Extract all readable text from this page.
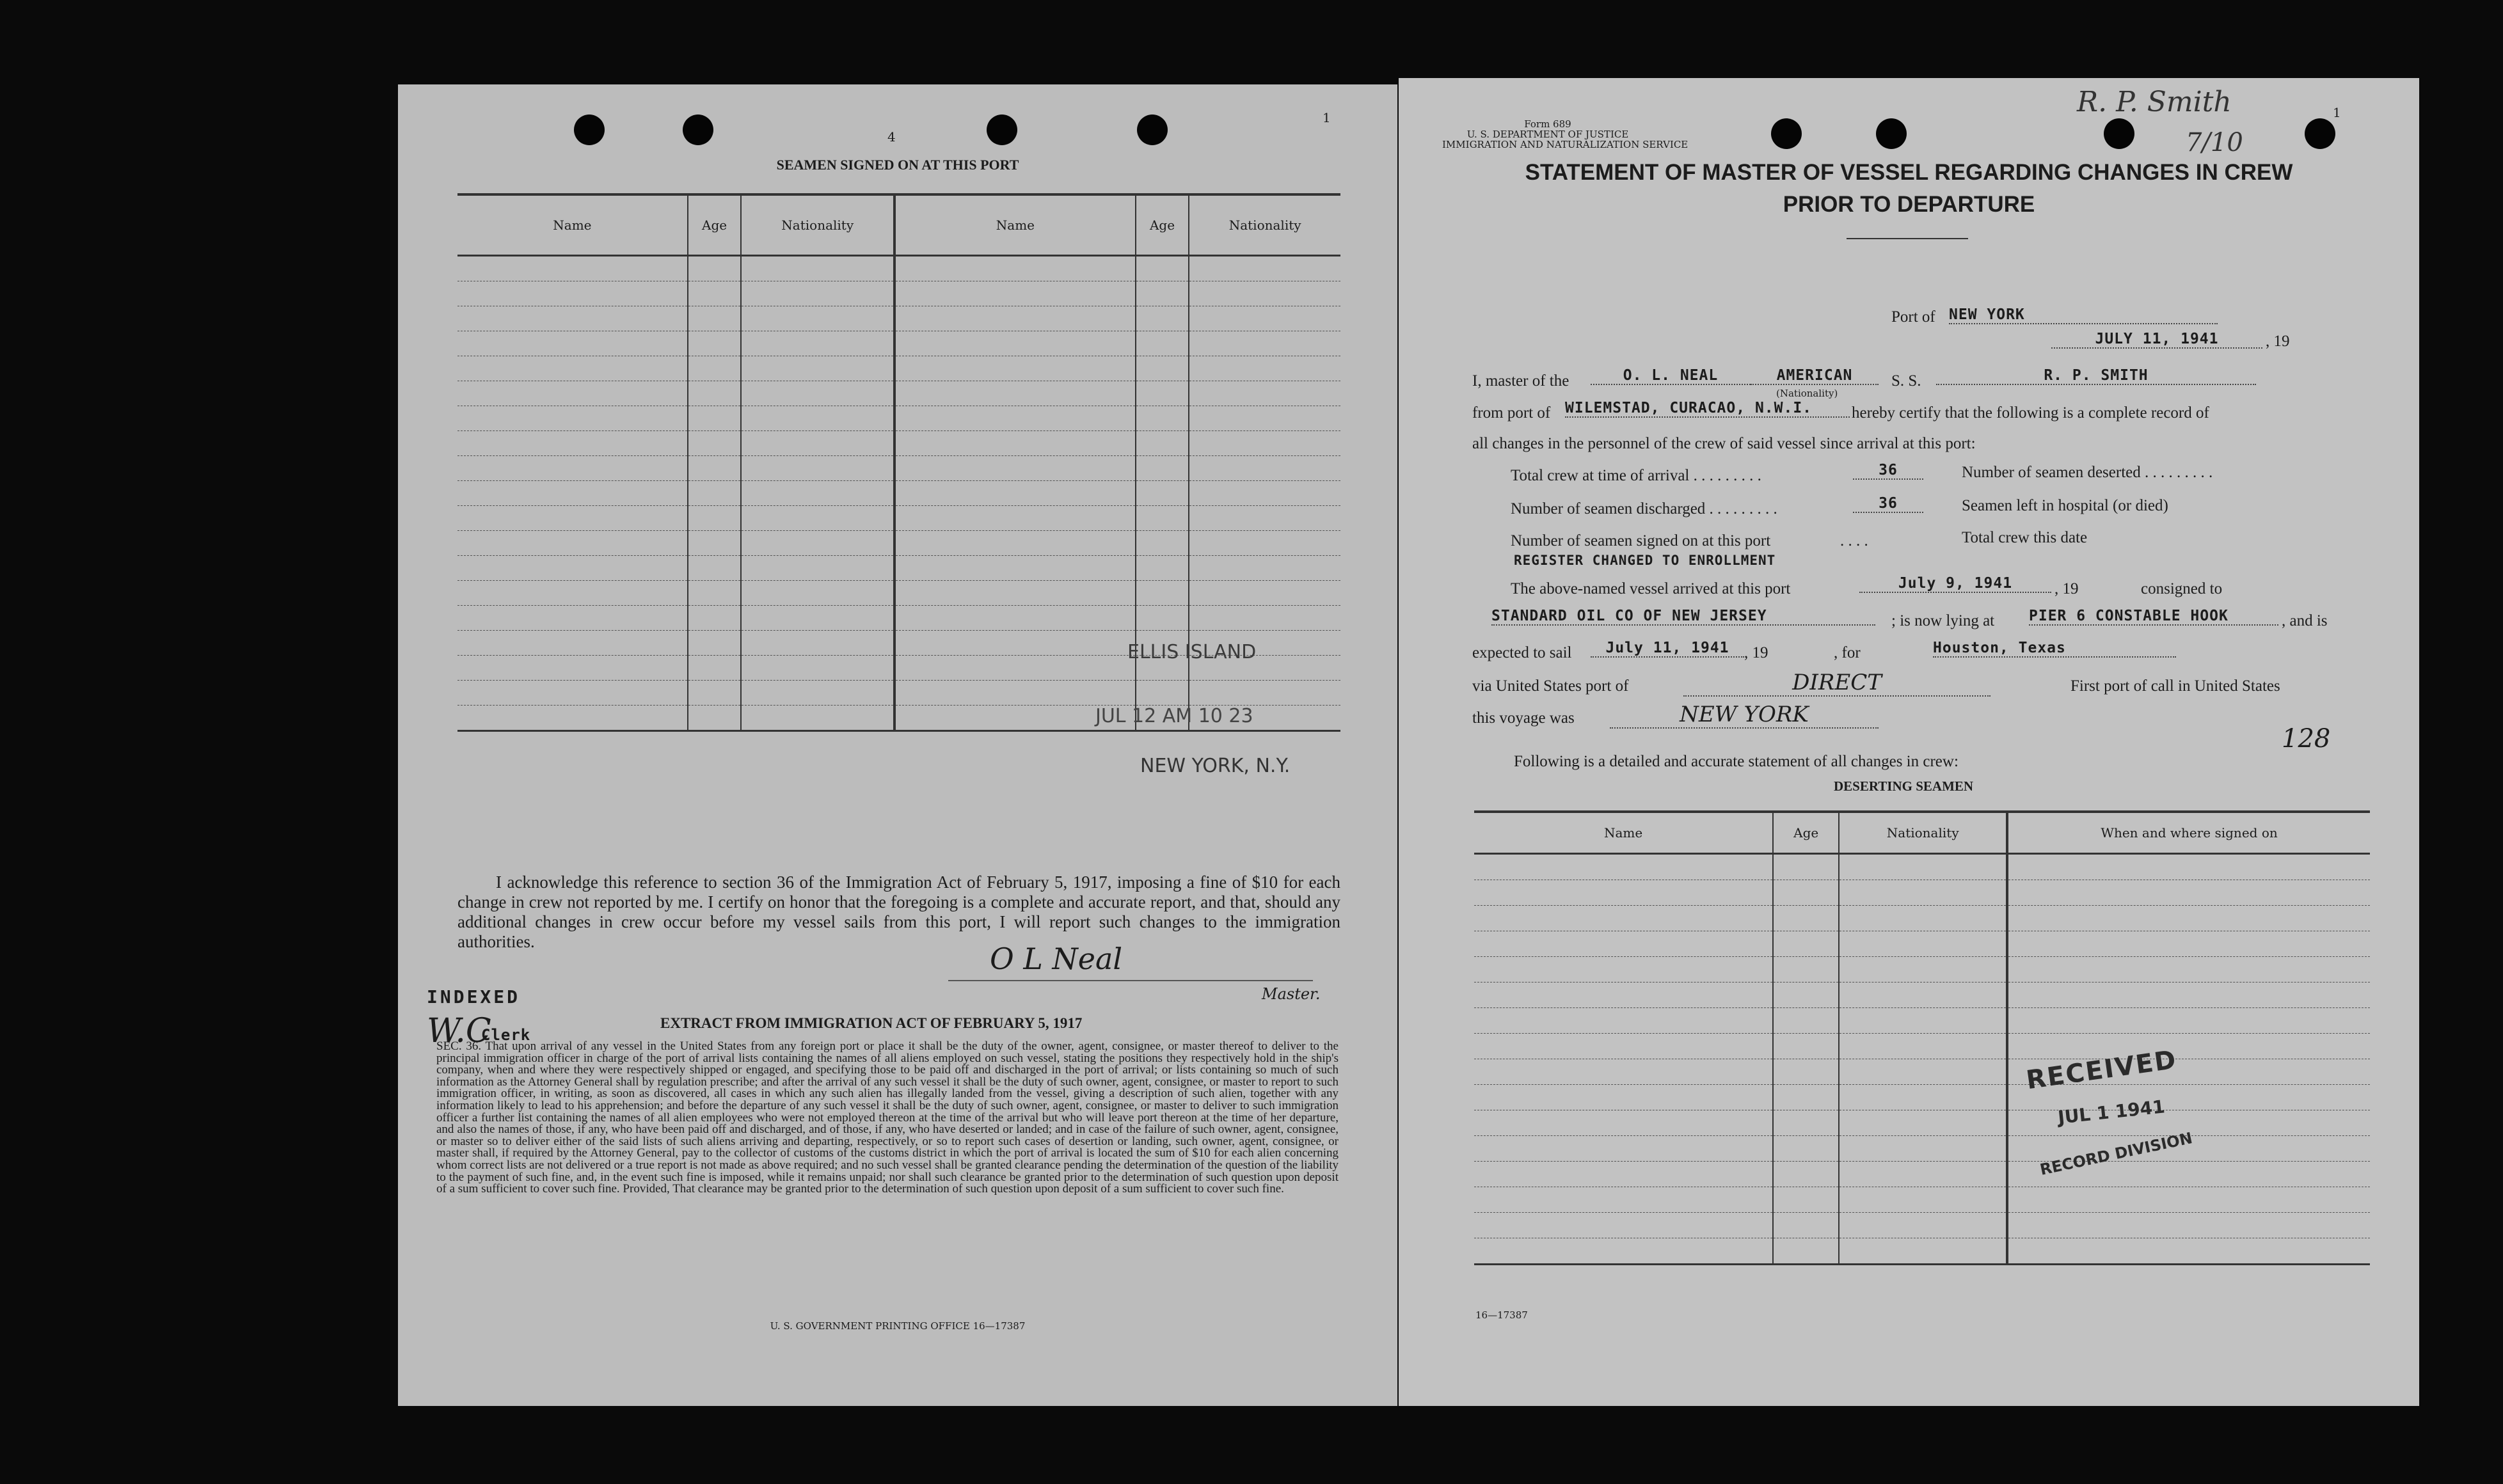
4
1
SEAMEN SIGNED ON AT THIS PORT
Name	Age	Nationality	Name	Age	Nationality

ELLIS ISLAND
JUL 12 AM 10 23
NEW YORK, N.Y.
I acknowledge this reference to section 36 of the Immigration Act of February 5, 1917, imposing a fine of $10 for each change in crew not reported by me. I certify on honor that the foregoing is a complete and accurate report, and that, should any additional changes in crew occur before my vessel sails from this port, I will report such changes to the immigration authorities.	O L Neal
Master.
INDEXED
W.C
Clerk
EXTRACT FROM IMMIGRATION ACT OF FEBRUARY 5, 1917
SEC. 36. That upon arrival of any vessel in the United States from any foreign port or place it shall be the duty of the owner, agent, consignee, or master thereof to deliver to the principal immigration officer in charge of the port of arrival lists containing the names of all aliens employed on such vessel, stating the positions they respectively hold in the ship's company, when and where they were respectively shipped or engaged, and specifying those to be paid off and discharged in the port of arrival; or lists containing so much of such information as the Attorney General shall by regulation prescribe; and after the arrival of any such vessel it shall be the duty of such owner, agent, consignee, or master to report to such immigration officer, in writing, as soon as discovered, all cases in which any such alien has illegally landed from the vessel, giving a description of such alien, together with any information likely to lead to his apprehension; and before the departure of any such vessel it shall be the duty of such owner, agent, consignee, or master to deliver to such immigration officer a further list containing the names of all alien employees who were not employed thereon at the time of the arrival but who will leave port thereon at the time of her departure, and also the names of those, if any, who have been paid off and discharged, and of those, if any, who have deserted or landed; and in case of the failure of such owner, agent, consignee, or master so to deliver either of the said lists of such aliens arriving and departing, respectively, or so to report such cases of desertion or landing, such owner, agent, consignee, or master shall, if required by the Attorney General, pay to the collector of customs of the customs district in which the port of arrival is located the sum of $10 for each alien concerning whom correct lists are not delivered or a true report is not made as above required; and no such vessel shall be granted clearance pending the determination of the question of the liability to the payment of such fine, and, in the event such fine is imposed, while it remains unpaid; nor shall such clearance be granted prior to the determination of such question upon deposit of a sum sufficient to cover such fine. Provided, That clearance may be granted prior to the determination of such question upon deposit of a sum sufficient to cover such fine.
U. S. GOVERNMENT PRINTING OFFICE 16—17387
R. P. Smith
7/10
1
Form 689
U. S. DEPARTMENT OF JUSTICE
IMMIGRATION AND NATURALIZATION SERVICE
STATEMENT OF MASTER OF VESSEL REGARDING CHANGES IN CREW
PRIOR TO DEPARTURE
Port of NEW YORK
JULY 11, 1941	, 19
I, master of the	O. L. NEAL	AMERICAN
(Nationality)
S. S.	R. P. SMITH
from port of WILEMSTAD, CURACAO, N.W.I.	hereby certify that the following is a complete record of
all changes in the personnel of the crew of said vessel since arrival at this port:
Total crew at time of arrival . . . . . . . . .	36
Number of seamen discharged . . . . . . . . .	36
Number of seamen signed on at this port	. . . .
Number of seamen deserted . . . . . . . . .
Seamen left in hospital (or died)
Total crew this date
REGISTER CHANGED TO ENROLLMENT
The above-named vessel arrived at this port	July 9, 1941	, 19	consigned to
STANDARD OIL CO OF NEW JERSEY	; is now lying at PIER 6 CONSTABLE HOOK	, and is
expected to sail	July 11, 1941 , 19	, for	Houston, Texas
via United States port of	DIRECT	First port of call in United States
this voyage was	NEW YORK
128
Following is a detailed and accurate statement of all changes in crew:
DESERTING SEAMEN
Name	Age	Nationality	When and where signed on

RECEIVED
JUL 1 1941
RECORD DIVISION
16—17387
